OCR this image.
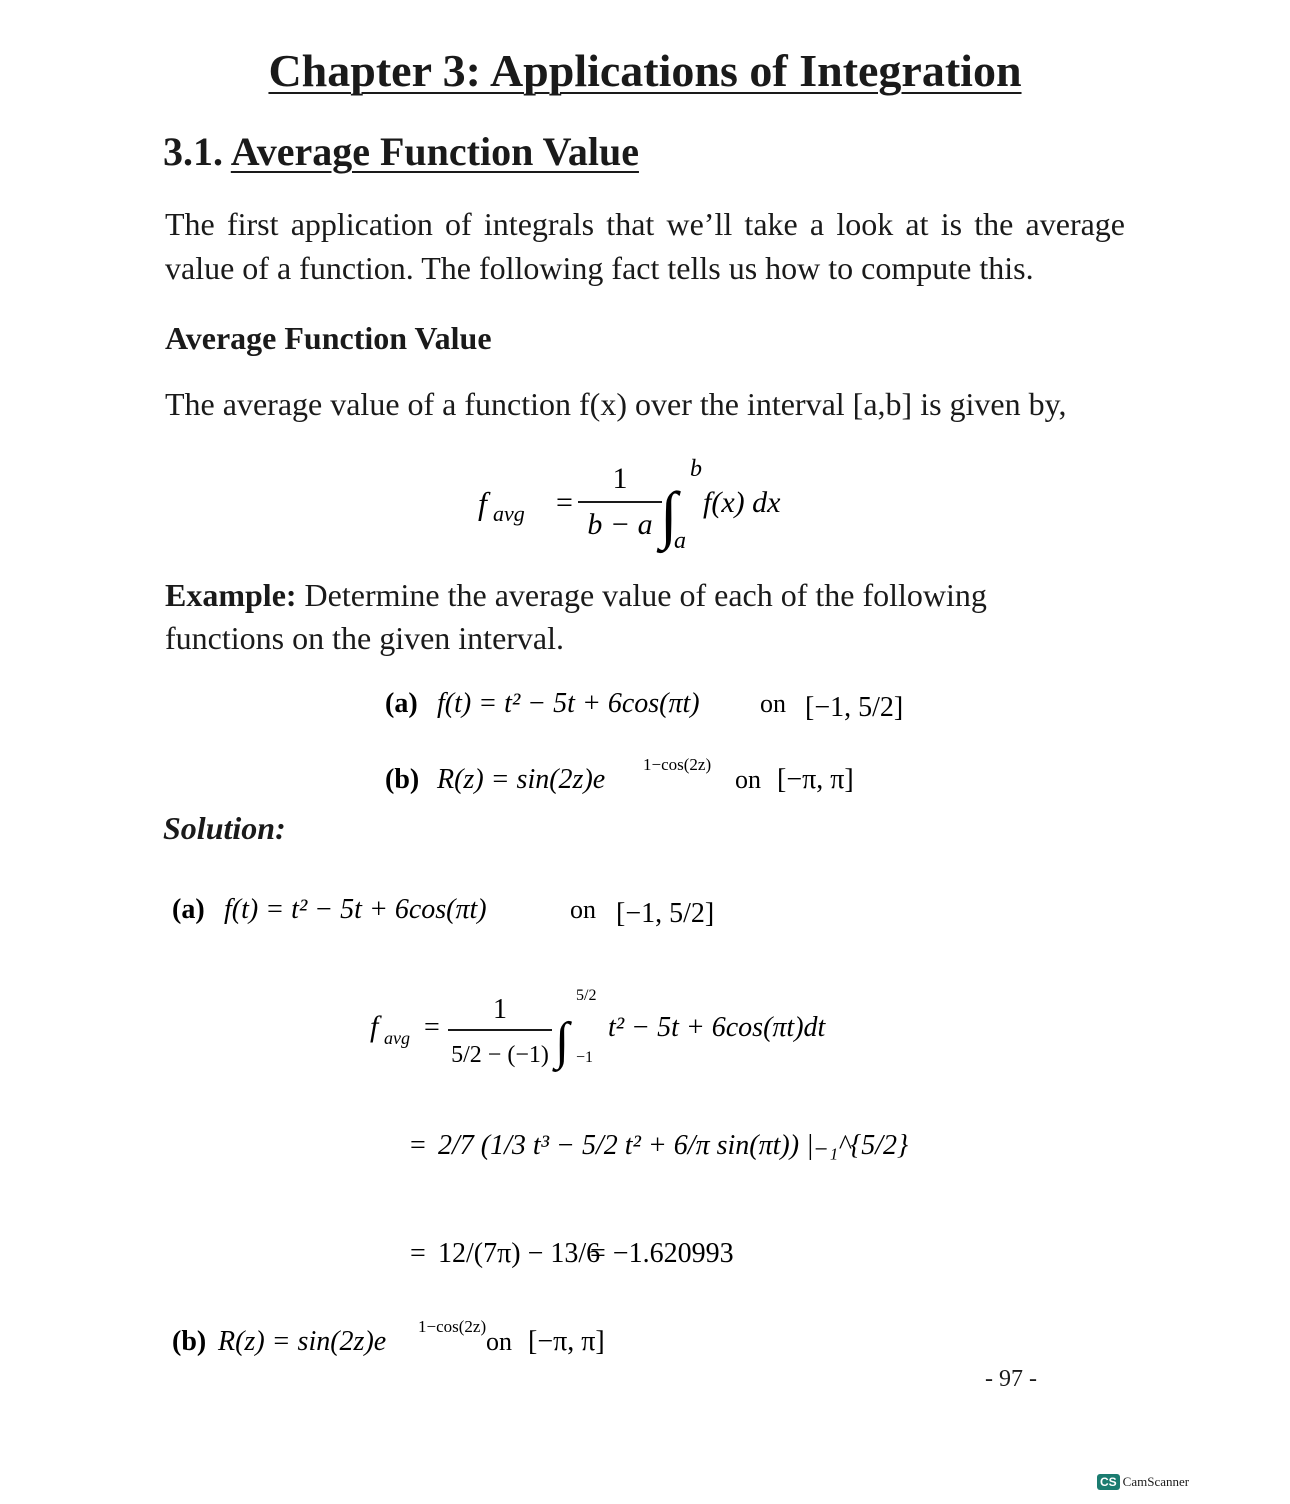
Chapter 3: Applications of Integration
3.1. Average Function Value
The first application of integrals that we’ll take a look at is the average value of a function. The following fact tells us how to compute this.
Average Function Value
The average value of a function f(x) over the interval [a,b] is given by,
f avg =
1
b − a ∫
b
a
f(x) dx
Example: Determine the average value of each of the following functions on the given interval.
(a) f(t) = t² − 5t + 6cos(πt) on [−1, 5/2]
(b) R(z) = sin(2z)e 1−cos(2z)
on [−π, π]
Solution:
(a) f(t) = t² − 5t + 6cos(πt)	on [−1, 5/2]
f avg =
1
5/2 − (−1) ∫
5/2
−1
t² − 5t + 6cos(πt)dt
= 2/7 (1/3 t³ − 5/2 t² + 6/π sin(πt)) |₋₁^{5/2}
= 12/(7π) − 13/6
= −1.620993
(b) R(z) = sin(2z)e 1−cos(2z)
on [−π, π]
- 97 -
CS CamScanner
